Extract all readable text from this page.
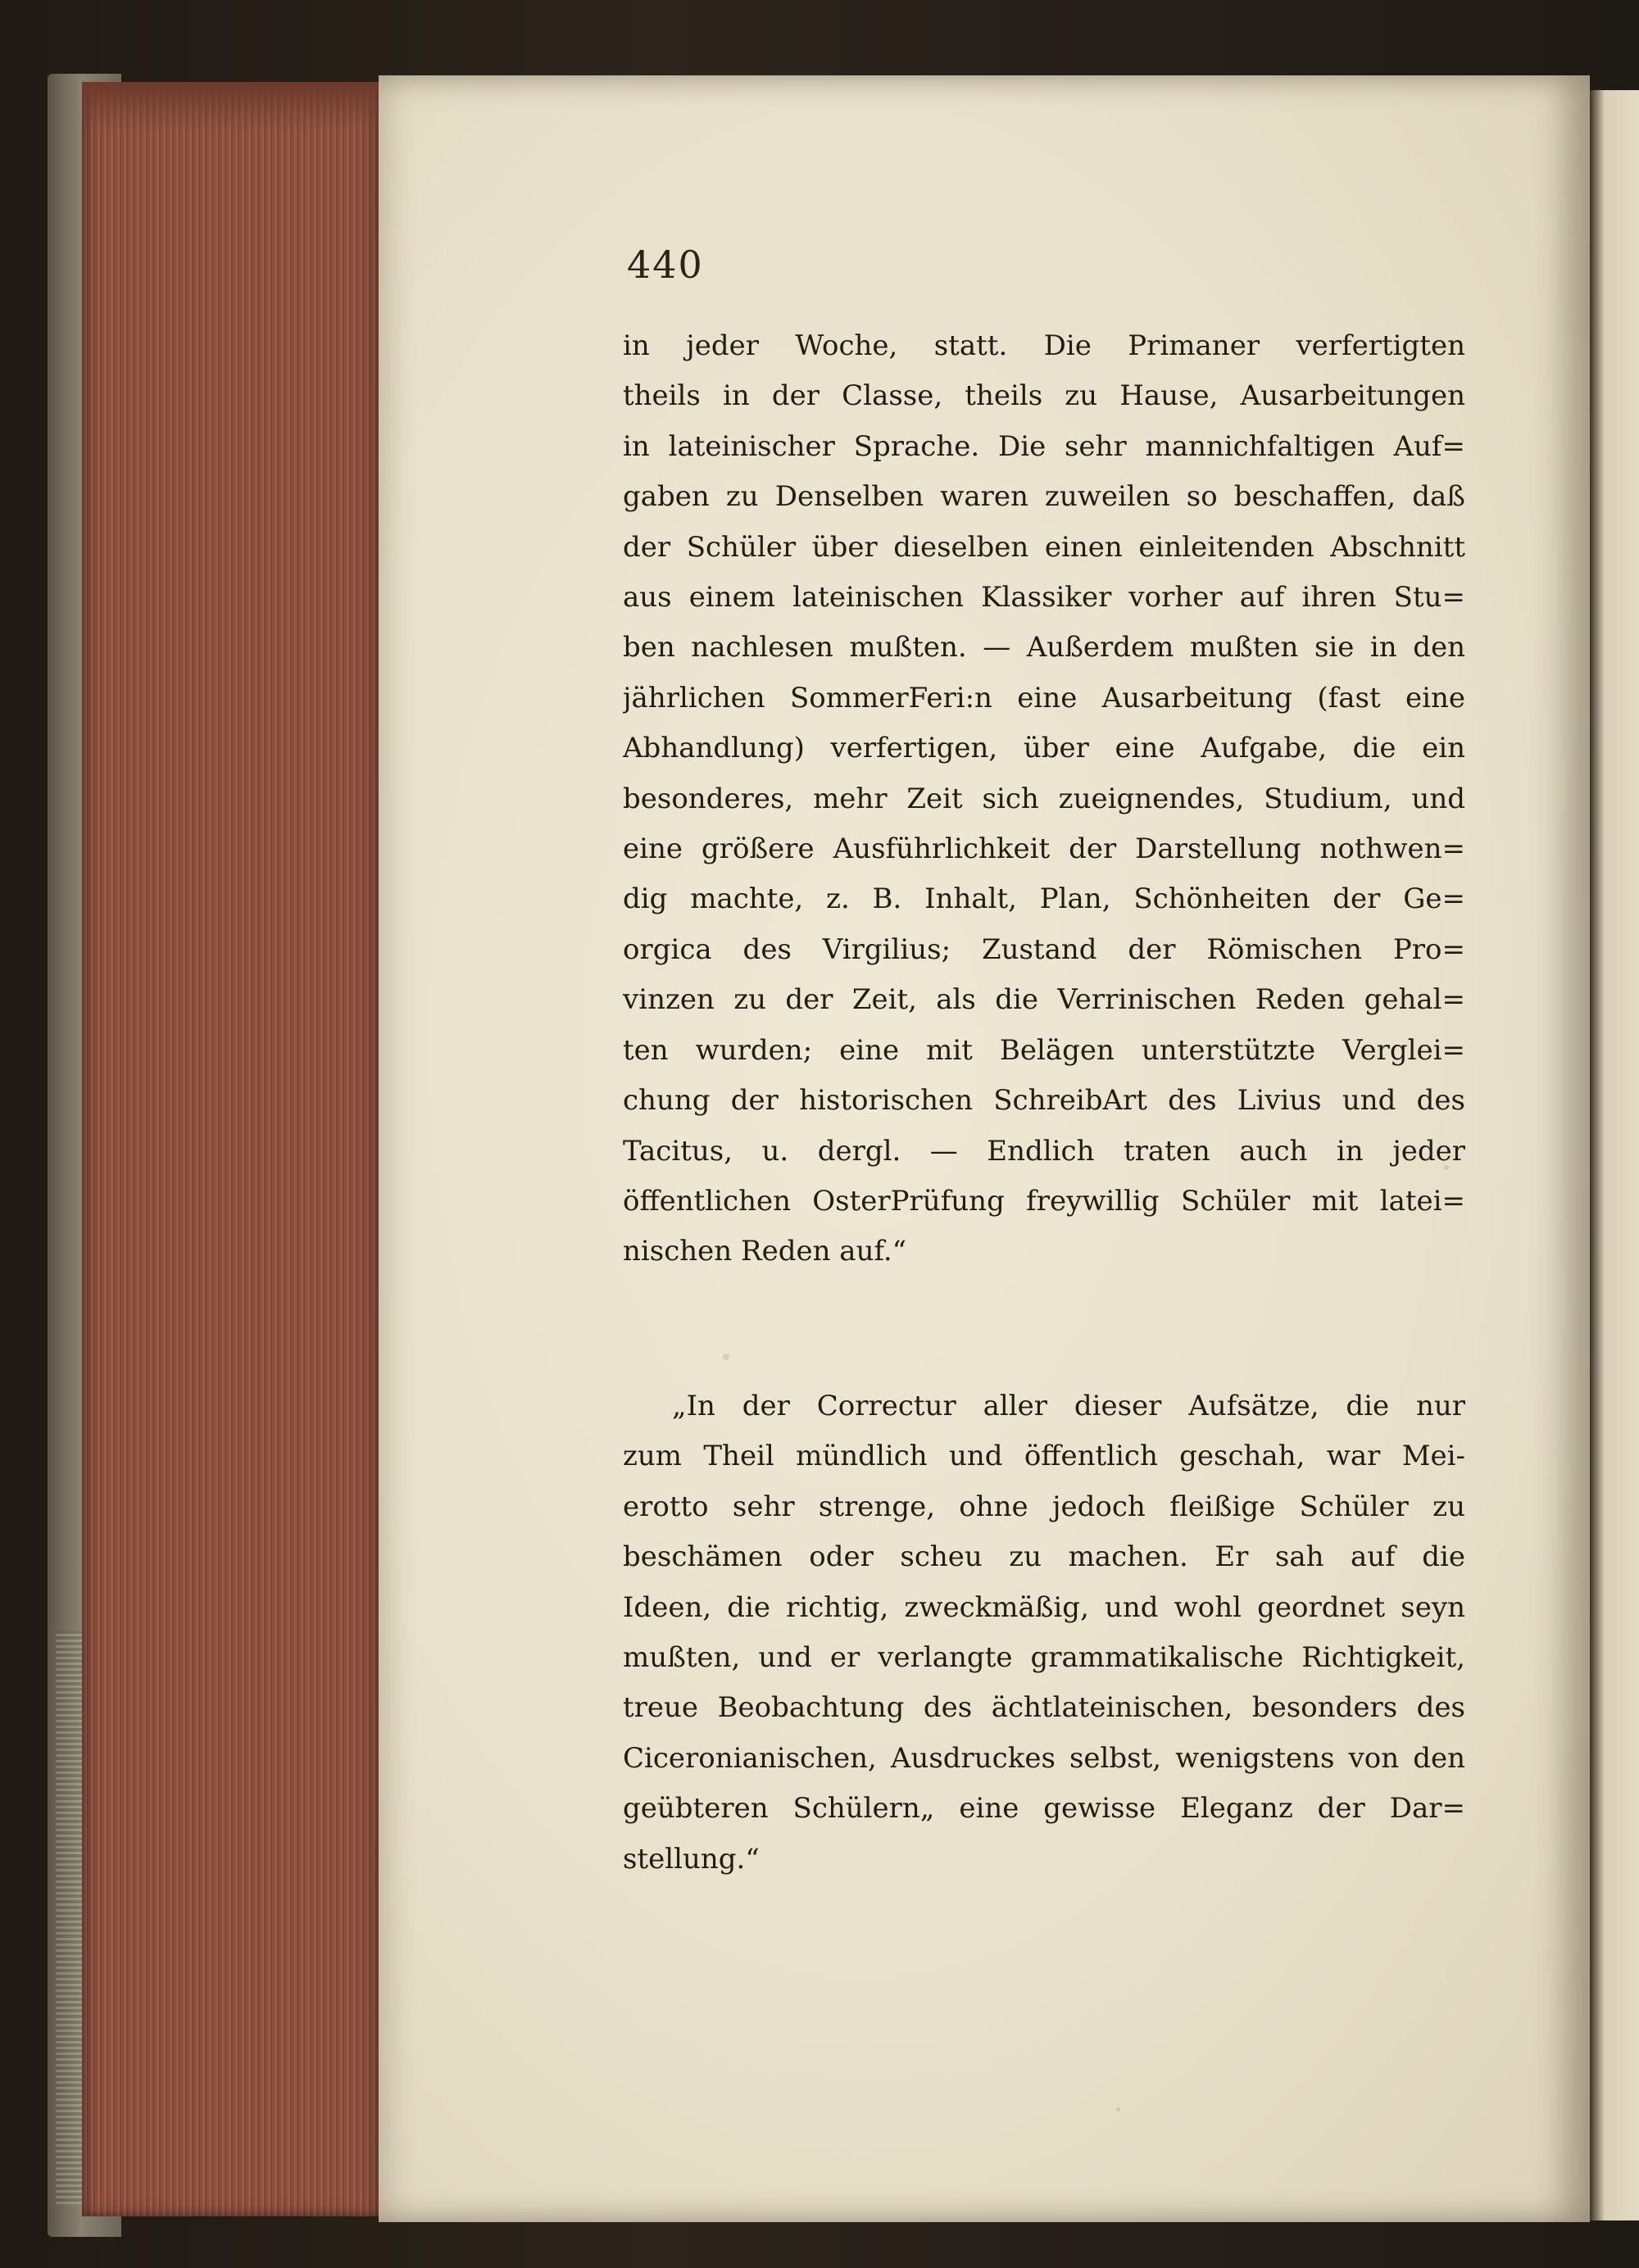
440

in jeder Woche, statt. Die Primaner verfertigten
theils in der Classe, theils zu Hause, Ausarbeitungen
in lateinischer Sprache. Die sehr mannichfaltigen Auf=
gaben zu Denselben waren zuweilen so beschaffen, daß
der Schüler über dieselben einen einleitenden Abschnitt
aus einem lateinischen Klassiker vorher auf ihren Stu=
ben nachlesen mußten. — Außerdem mußten sie in den
jährlichen SommerFeri:n eine Ausarbeitung (fast eine
Abhandlung) verfertigen, über eine Aufgabe, die ein
besonderes, mehr Zeit sich zueignendes, Studium, und
eine größere Ausführlichkeit der Darstellung nothwen=
dig machte, z. B. Inhalt, Plan, Schönheiten der Ge=
orgica des Virgilius; Zustand der Römischen Pro=
vinzen zu der Zeit, als die Verrinischen Reden gehal=
ten wurden; eine mit Belägen unterstützte Verglei=
chung der historischen SchreibArt des Livius und des
Tacitus, u. dergl. — Endlich traten auch in jeder
öffentlichen OsterPrüfung freywillig Schüler mit latei=
nischen Reden auf.“
„In der Correctur aller dieser Aufsätze, die nur
zum Theil mündlich und öffentlich geschah, war Mei-
erotto sehr strenge, ohne jedoch fleißige Schüler zu
beschämen oder scheu zu machen. Er sah auf die
Ideen, die richtig, zweckmäßig, und wohl geordnet seyn
mußten, und er verlangte grammatikalische Richtigkeit,
treue Beobachtung des ächtlateinischen, besonders des
Ciceronianischen, Ausdruckes selbst, wenigstens von den
geübteren Schülern„ eine gewisse Eleganz der Dar=
stellung.“
